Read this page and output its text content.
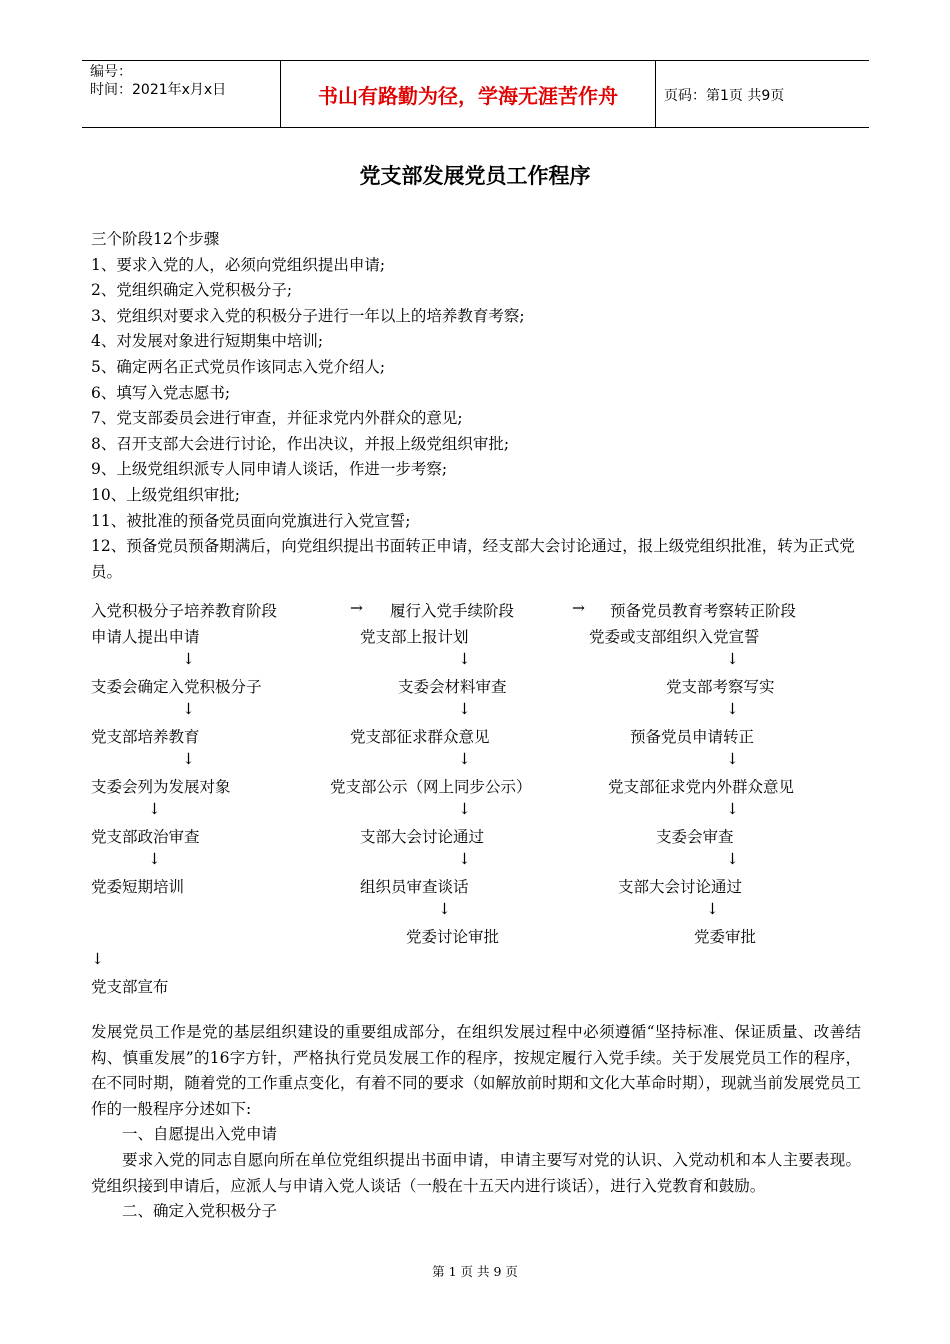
编号：
时间：2021年x月x日	书山有路勤为径，学海无涯苦作舟	页码：第1页 共9页
党支部发展党员工作程序
三个阶段12个步骤
1、要求入党的人，必须向党组织提出申请;
2、党组织确定入党积极分子;
3、党组织对要求入党的积极分子进行一年以上的培养教育考察;
4、对发展对象进行短期集中培训;
5、确定两名正式党员作该同志入党介绍人;
6、填写入党志愿书;
7、党支部委员会进行审查，并征求党内外群众的意见;
8、召开支部大会进行讨论，作出决议，并报上级党组织审批;
9、上级党组织派专人同申请人谈话，作进一步考察;
10、上级党组织审批;
11、被批准的预备党员面向党旗进行入党宣誓;
12、预备党员预备期满后，向党组织提出书面转正申请，经支部大会讨论通过，报上级党组织批准，转为正式党员。
入党积极分子培养教育阶段	→ 履行入党手续阶段	→ 预备党员教育考察转正阶段
申请人提出申请	党支部上报计划	党委或支部组织入党宣誓
↓	↓	↓
支委会确定入党积极分子	支委会材料审查	党支部考察写实
↓	↓	↓
党支部培养教育	党支部征求群众意见	预备党员申请转正
↓	↓	↓
支委会列为发展对象	党支部公示（网上同步公示）	党支部征求党内外群众意见
↓	↓	↓
党支部政治审查	支部大会讨论通过	支委会审查
↓	↓	↓
党委短期培训	组织员审查谈话	支部大会讨论通过
↓	↓
党委讨论审批	党委审批
↓
党支部宣布

发展党员工作是党的基层组织建设的重要组成部分，在组织发展过程中必须遵循“坚持标准、保证质量、改善结构、慎重发展”的16字方针，严格执行党员发展工作的程序，按规定履行入党手续。关于发展党员工作的程序，在不同时期，随着党的工作重点变化，有着不同的要求（如解放前时期和文化大革命时期），现就当前发展党员工作的一般程序分述如下:

一、自愿提出入党申请

要求入党的同志自愿向所在单位党组织提出书面申请，申请主要写对党的认识、入党动机和本人主要表现。党组织接到申请后，应派人与申请入党人谈话（一般在十五天内进行谈话），进行入党教育和鼓励。

二、确定入党积极分子

第 1 页 共 9 页
